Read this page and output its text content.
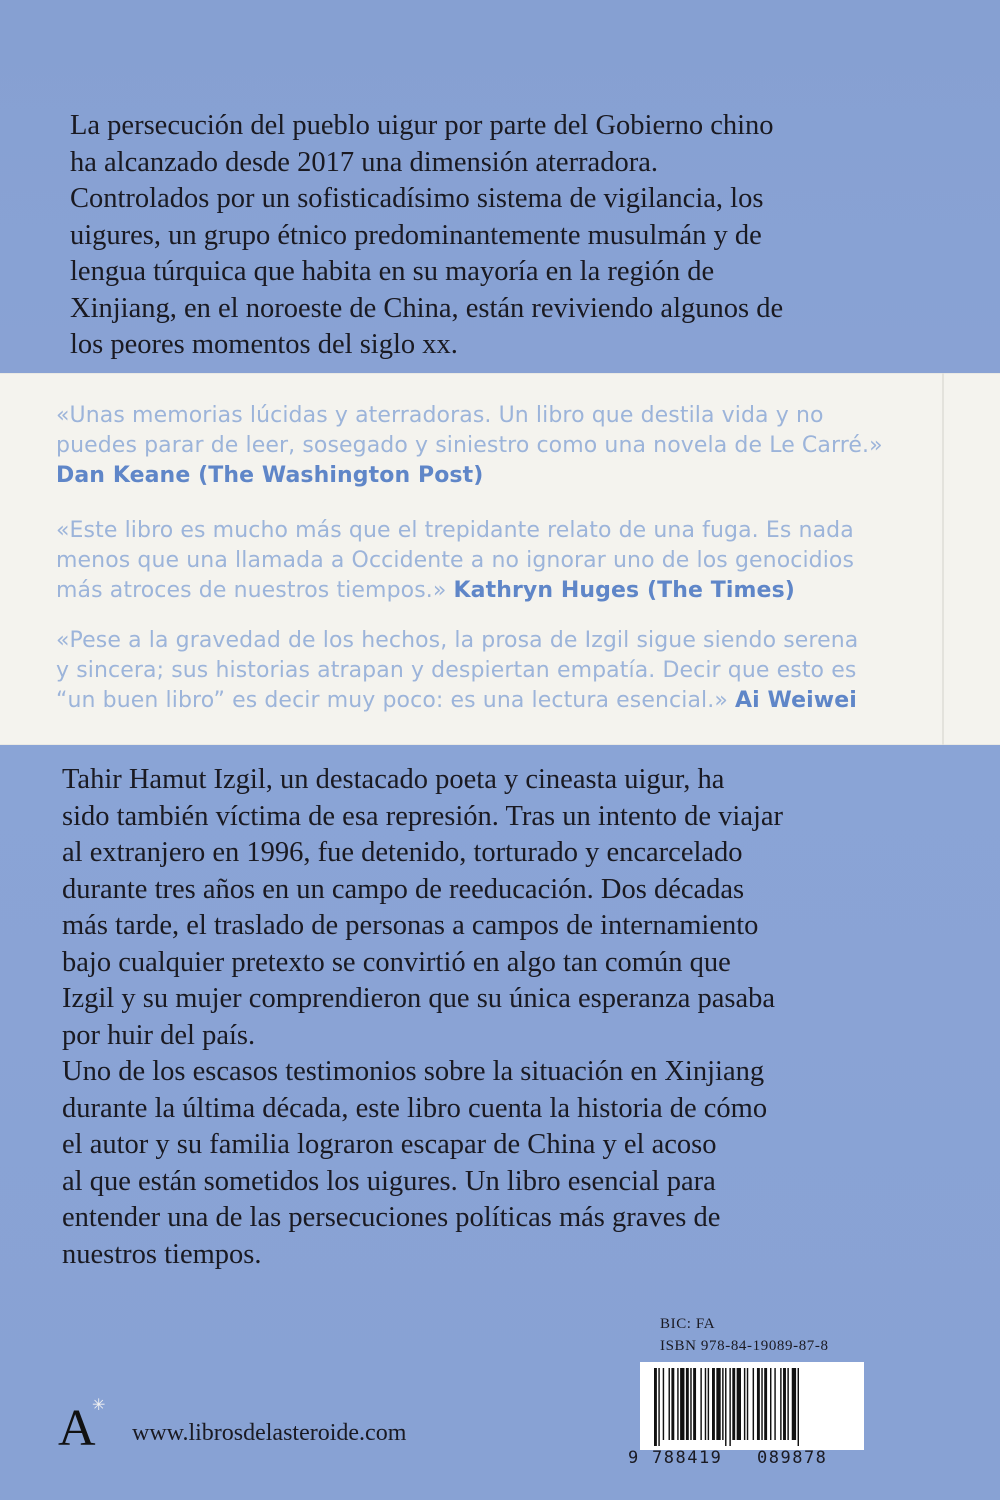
La persecución del pueblo uigur por parte del Gobierno chino
ha alcanzado desde 2017 una dimensión aterradora.
Controlados por un sofisticadísimo sistema de vigilancia, los
uigures, un grupo étnico predominantemente musulmán y de
lengua túrquica que habita en su mayoría en la región de
Xinjiang, en el noroeste de China, están reviviendo algunos de
los peores momentos del siglo xx.

«Unas memorias lúcidas y aterradoras. Un libro que destila vida y no
puedes parar de leer, sosegado y siniestro como una novela de Le Carré.»
Dan Keane (The Washington Post)

«Este libro es mucho más que el trepidante relato de una fuga. Es nada
menos que una llamada a Occidente a no ignorar uno de los genocidios
más atroces de nuestros tiempos.» Kathryn Huges (The Times)

«Pese a la gravedad de los hechos, la prosa de Izgil sigue siendo serena
y sincera; sus historias atrapan y despiertan empatía. Decir que esto es
“un buen libro” es decir muy poco: es una lectura esencial.» Ai Weiwei

Tahir Hamut Izgil, un destacado poeta y cineasta uigur, ha
sido también víctima de esa represión. Tras un intento de viajar
al extranjero en 1996, fue detenido, torturado y encarcelado
durante tres años en un campo de reeducación. Dos décadas
más tarde, el traslado de personas a campos de internamiento
bajo cualquier pretexto se convirtió en algo tan común que
Izgil y su mujer comprendieron que su única esperanza pasaba
por huir del país.
Uno de los escasos testimonios sobre la situación en Xinjiang
durante la última década, este libro cuenta la historia de cómo
el autor y su familia lograron escapar de China y el acoso
al que están sometidos los uigures. Un libro esencial para
entender una de las persecuciones políticas más graves de
nuestros tiempos.

A
✳
www.librosdelasteroide.com
BIC: FA
ISBN 978-84-19089-87-8
9 788419 089878
